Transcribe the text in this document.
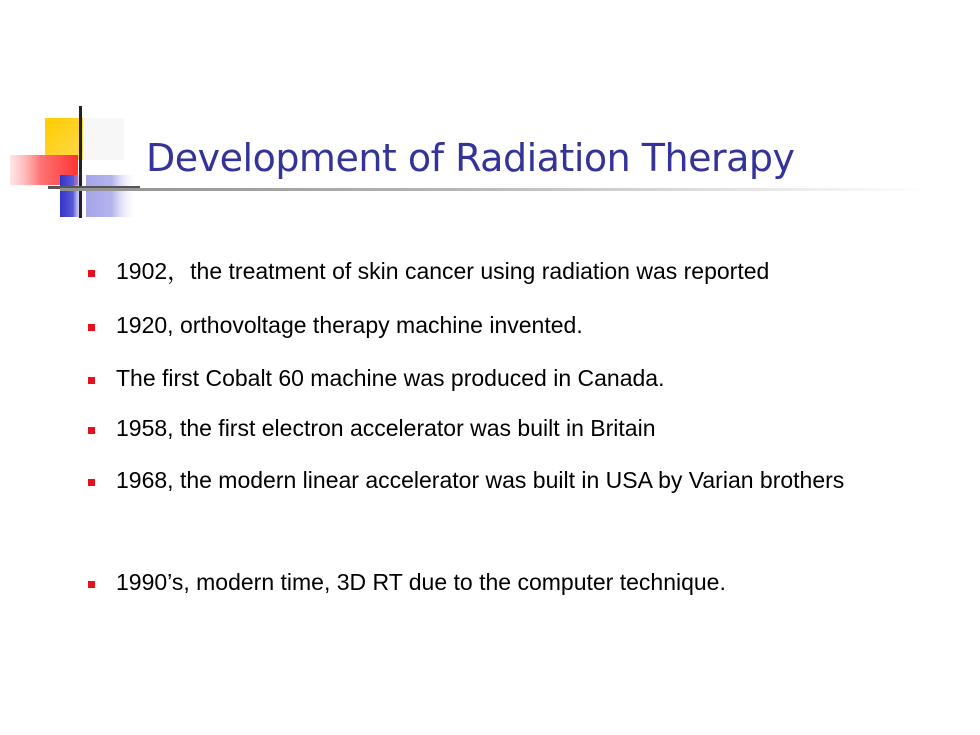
Development of Radiation Therapy
1902，the treatment of skin cancer using radiation was reported
1920, orthovoltage therapy machine invented.
The first Cobalt 60 machine was produced in Canada.
1958, the first electron accelerator was built in Britain
1968, the modern linear accelerator was built in USA by Varian brothers
1990’s, modern time, 3D RT due to the computer technique.
